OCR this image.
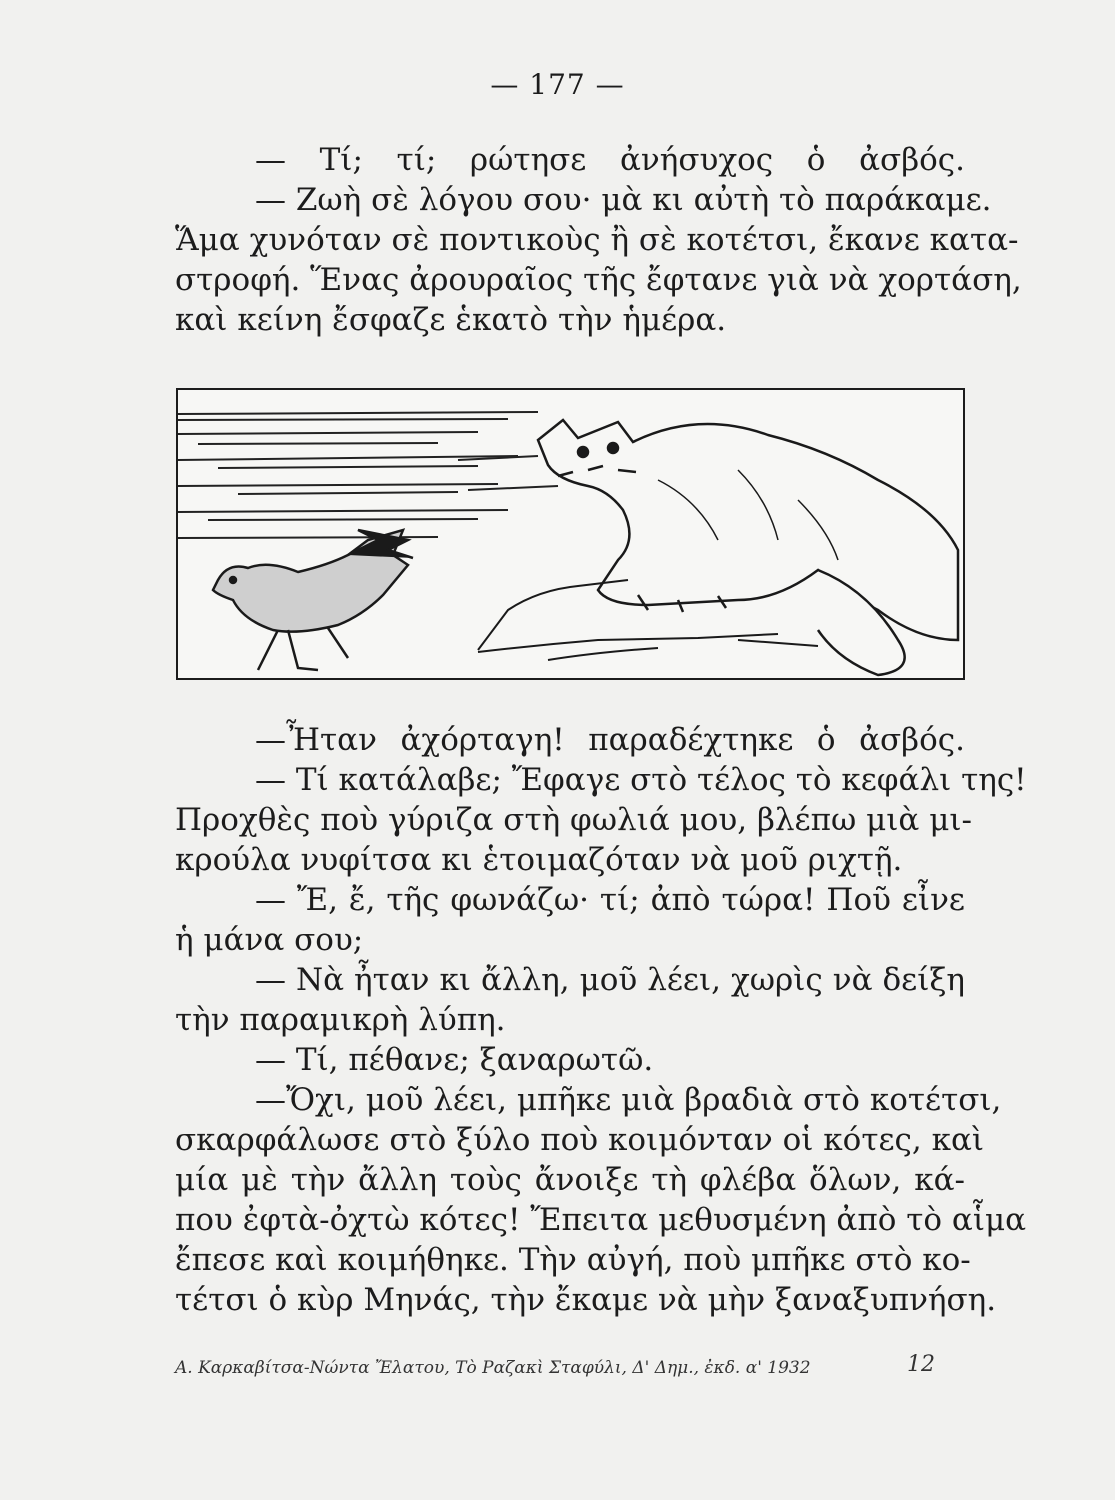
— 177 —
— Τί; τί; ρώτησε ἀνήσυχος ὁ ἀσβός.
— Ζωὴ σὲ λόγου σου· μὰ κι αὐτὴ τὸ παράκαμε.
Ἅμα χυνόταν σὲ ποντικοὺς ἢ σὲ κοτέτσι, ἔκανε κατα-
στροφή. Ἕνας ἀρουραῖος τῆς ἔφτανε γιὰ νὰ χορτάση,
καὶ κείνη ἔσφαζε ἑκατὸ τὴν ἡμέρα.
—Ἦταν ἀχόρταγη! παραδέχτηκε ὁ ἀσβός.
— Τί κατάλαβε; Ἔφαγε στὸ τέλος τὸ κεφάλι της!
Προχθὲς ποὺ γύριζα στὴ φωλιά μου, βλέπω μιὰ μι-
κρούλα νυφίτσα κι ἑτοιμαζόταν νὰ μοῦ ριχτῇ.
— Ἔ, ἔ, τῆς φωνάζω· τί; ἀπὸ τώρα! Ποῦ εἶνε
ἡ μάνα σου;
— Νὰ ἦταν κι ἄλλη, μοῦ λέει, χωρὶς νὰ δείξη
τὴν παραμικρὴ λύπη.
— Τί, πέθανε; ξαναρωτῶ.
—Ὄχι, μοῦ λέει, μπῆκε μιὰ βραδιὰ στὸ κοτέτσι,
σκαρφάλωσε στὸ ξύλο ποὺ κοιμόνταν οἱ κότες, καὶ
μία μὲ τὴν ἄλλη τοὺς ἄνοιξε τὴ φλέβα ὅλων, κά-
που ἐφτὰ-ὀχτὼ κότες! Ἔπειτα μεθυσμένη ἀπὸ τὸ αἷμα
ἔπεσε καὶ κοιμήθηκε. Τὴν αὐγή, ποὺ μπῆκε στὸ κο-
τέτσι ὁ κὺρ Μηνάς, τὴν ἔκαμε νὰ μὴν ξαναξυπνήση.
Α. Καρκαβίτσα-Νώντα Ἔλατου, Τὸ Ραζακὶ Σταφύλι, Δ' Δημ., ἐκδ. α' 1932	12
